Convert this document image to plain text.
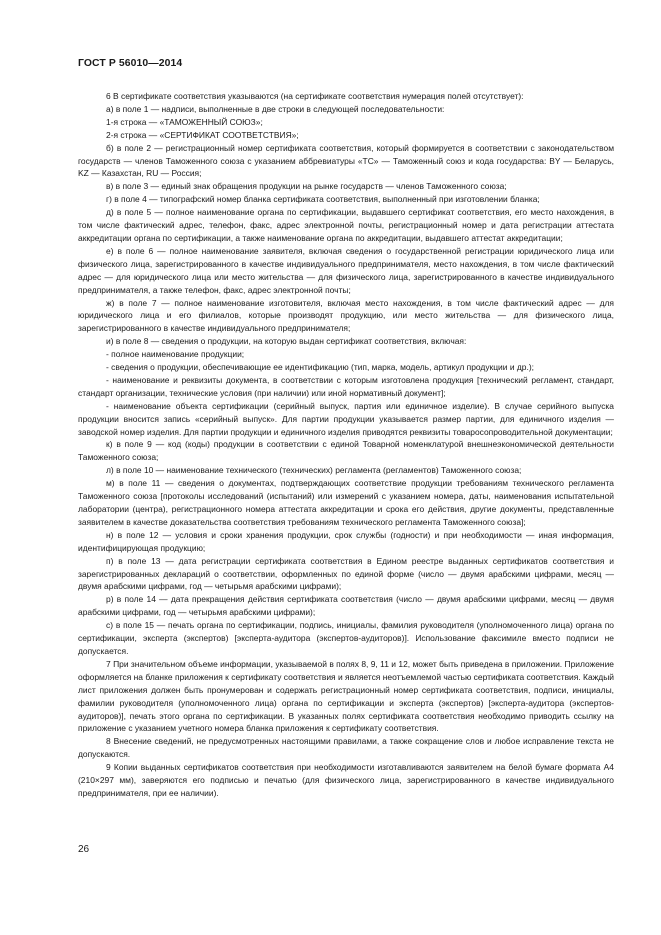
ГОСТ Р 56010—2014

6 В сертификате соответствия указываются (на сертификате соответствия нумерация полей отсутствует):

а) в поле 1 — надписи, выполненные в две строки в следующей последовательности:

1-я строка — «ТАМОЖЕННЫЙ СОЮЗ»;

2-я строка — «СЕРТИФИКАТ СООТВЕТСТВИЯ»;

б) в поле 2 — регистрационный номер сертификата соответствия, который формируется в соответствии с законодательством государств — членов Таможенного союза с указанием аббревиатуры «ТС» — Таможенный союз и кода государства: BY — Беларусь, KZ — Казахстан, RU — Россия;

в) в поле 3 — единый знак обращения продукции на рынке государств — членов Таможенного союза;

г) в поле 4 — типографский номер бланка сертификата соответствия, выполненный при изготовлении бланка;

д) в поле 5 — полное наименование органа по сертификации, выдавшего сертификат соответствия, его место нахождения, в том числе фактический адрес, телефон, факс, адрес электронной почты, регистрационный номер и дата регистрации аттестата аккредитации органа по сертификации, а также наименование органа по аккредитации, выдавшего аттестат аккредитации;

е) в поле 6 — полное наименование заявителя, включая сведения о государственной регистрации юридического лица или физического лица, зарегистрированного в качестве индивидуального предпринимателя, место нахождения, в том числе фактический адрес — для юридического лица или место жительства — для физического лица, зарегистрированного в качестве индивидуального предпринимателя, а также телефон, факс, адрес электронной почты;

ж) в поле 7 — полное наименование изготовителя, включая место нахождения, в том числе фактический адрес — для юридического лица и его филиалов, которые производят продукцию, или место жительства — для физического лица, зарегистрированного в качестве индивидуального предпринимателя;

и) в поле 8 — сведения о продукции, на которую выдан сертификат соответствия, включая:

- полное наименование продукции;

- сведения о продукции, обеспечивающие ее идентификацию (тип, марка, модель, артикул продукции и др.);

- наименование и реквизиты документа, в соответствии с которым изготовлена продукция [технический регламент, стандарт, стандарт организации, технические условия (при наличии) или иной нормативный документ];

- наименование объекта сертификации (серийный выпуск, партия или единичное изделие). В случае серийного выпуска продукции вносится запись «серийный выпуск». Для партии продукции указывается размер партии, для единичного изделия — заводской номер изделия. Для партии продукции и единичного изделия приводятся реквизиты товаросопроводительной документации;

к) в поле 9 — код (коды) продукции в соответствии с единой Товарной номенклатурой внешнеэкономической деятельности Таможенного союза;

л) в поле 10 — наименование технического (технических) регламента (регламентов) Таможенного союза;

м) в поле 11 — сведения о документах, подтверждающих соответствие продукции требованиям технического регламента Таможенного союза [протоколы исследований (испытаний) или измерений с указанием номера, даты, наименования испытательной лаборатории (центра), регистрационного номера аттестата аккредитации и срока его действия, другие документы, представленные заявителем в качестве доказательства соответствия требованиям технического регламента Таможенного союза];

н) в поле 12 — условия и сроки хранения продукции, срок службы (годности) и при необходимости — иная информация, идентифицирующая продукцию;

п) в поле 13 — дата регистрации сертификата соответствия в Едином реестре выданных сертификатов соответствия и зарегистрированных деклараций о соответствии, оформленных по единой форме (число — двумя арабскими цифрами, месяц — двумя арабскими цифрами, год — четырьмя арабскими цифрами);

р) в поле 14 — дата прекращения действия сертификата соответствия (число — двумя арабскими цифрами, месяц — двумя арабскими цифрами, год — четырьмя арабскими цифрами);

с) в поле 15 — печать органа по сертификации, подпись, инициалы, фамилия руководителя (уполномоченного лица) органа по сертификации, эксперта (экспертов) [эксперта-аудитора (экспертов-аудиторов)]. Использование факсимиле вместо подписи не допускается.

7 При значительном объеме информации, указываемой в полях 8, 9, 11 и 12, может быть приведена в приложении. Приложение оформляется на бланке приложения к сертификату соответствия и является неотъемлемой частью сертификата соответствия. Каждый лист приложения должен быть пронумерован и содержать регистрационный номер сертификата соответствия, подписи, инициалы, фамилии руководителя (уполномоченного лица) органа по сертификации и эксперта (экспертов) [эксперта-аудитора (экспертов-аудиторов)], печать этого органа по сертификации. В указанных полях сертификата соответствия необходимо приводить ссылку на приложение с указанием учетного номера бланка приложения к сертификату соответствия.

8 Внесение сведений, не предусмотренных настоящими правилами, а также сокращение слов и любое исправление текста не допускаются.

9 Копии выданных сертификатов соответствия при необходимости изготавливаются заявителем на белой бумаге формата А4 (210×297 мм), заверяются его подписью и печатью (для физического лица, зарегистрированного в качестве индивидуального предпринимателя, при ее наличии).

26
